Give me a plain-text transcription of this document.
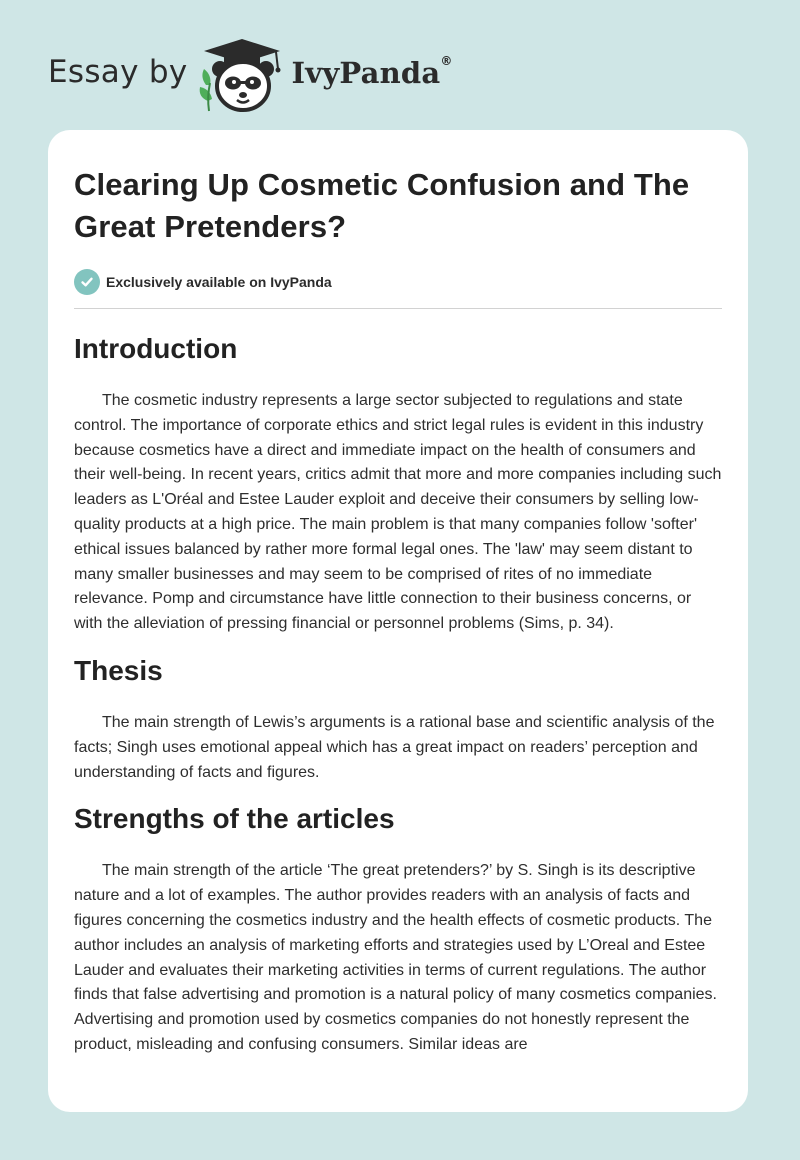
Essay by	IvyPanda®
Clearing Up Cosmetic Confusion and The Great Pretenders?
Exclusively available on IvyPanda
Introduction

The cosmetic industry represents a large sector subjected to regulations and state control. The importance of corporate ethics and strict legal rules is evident in this industry because cosmetics have a direct and immediate impact on the health of consumers and their well-being. In recent years, critics admit that more and more companies including such leaders as L'Oréal and Estee Lauder exploit and deceive their consumers by selling low-quality products at a high price. The main problem is that many companies follow 'softer' ethical issues balanced by rather more formal legal ones. The 'law' may seem distant to many smaller businesses and may seem to be comprised of rites of no immediate relevance. Pomp and circumstance have little connection to their business concerns, or with the alleviation of pressing financial or personnel problems (Sims, p. 34).

Thesis

The main strength of Lewis’s arguments is a rational base and scientific analysis of the facts; Singh uses emotional appeal which has a great impact on readers’ perception and understanding of facts and figures.

Strengths of the articles

The main strength of the article ‘The great pretenders?’ by S. Singh is its descriptive nature and a lot of examples. The author provides readers with an analysis of facts and figures concerning the cosmetics industry and the health effects of cosmetic products. The author includes an analysis of marketing efforts and strategies used by L’Oreal and Estee Lauder and evaluates their marketing activities in terms of current regulations. The author finds that false advertising and promotion is a natural policy of many cosmetics companies. Advertising and promotion used by cosmetics companies do not honestly represent the product, misleading and confusing consumers. Similar ideas are
